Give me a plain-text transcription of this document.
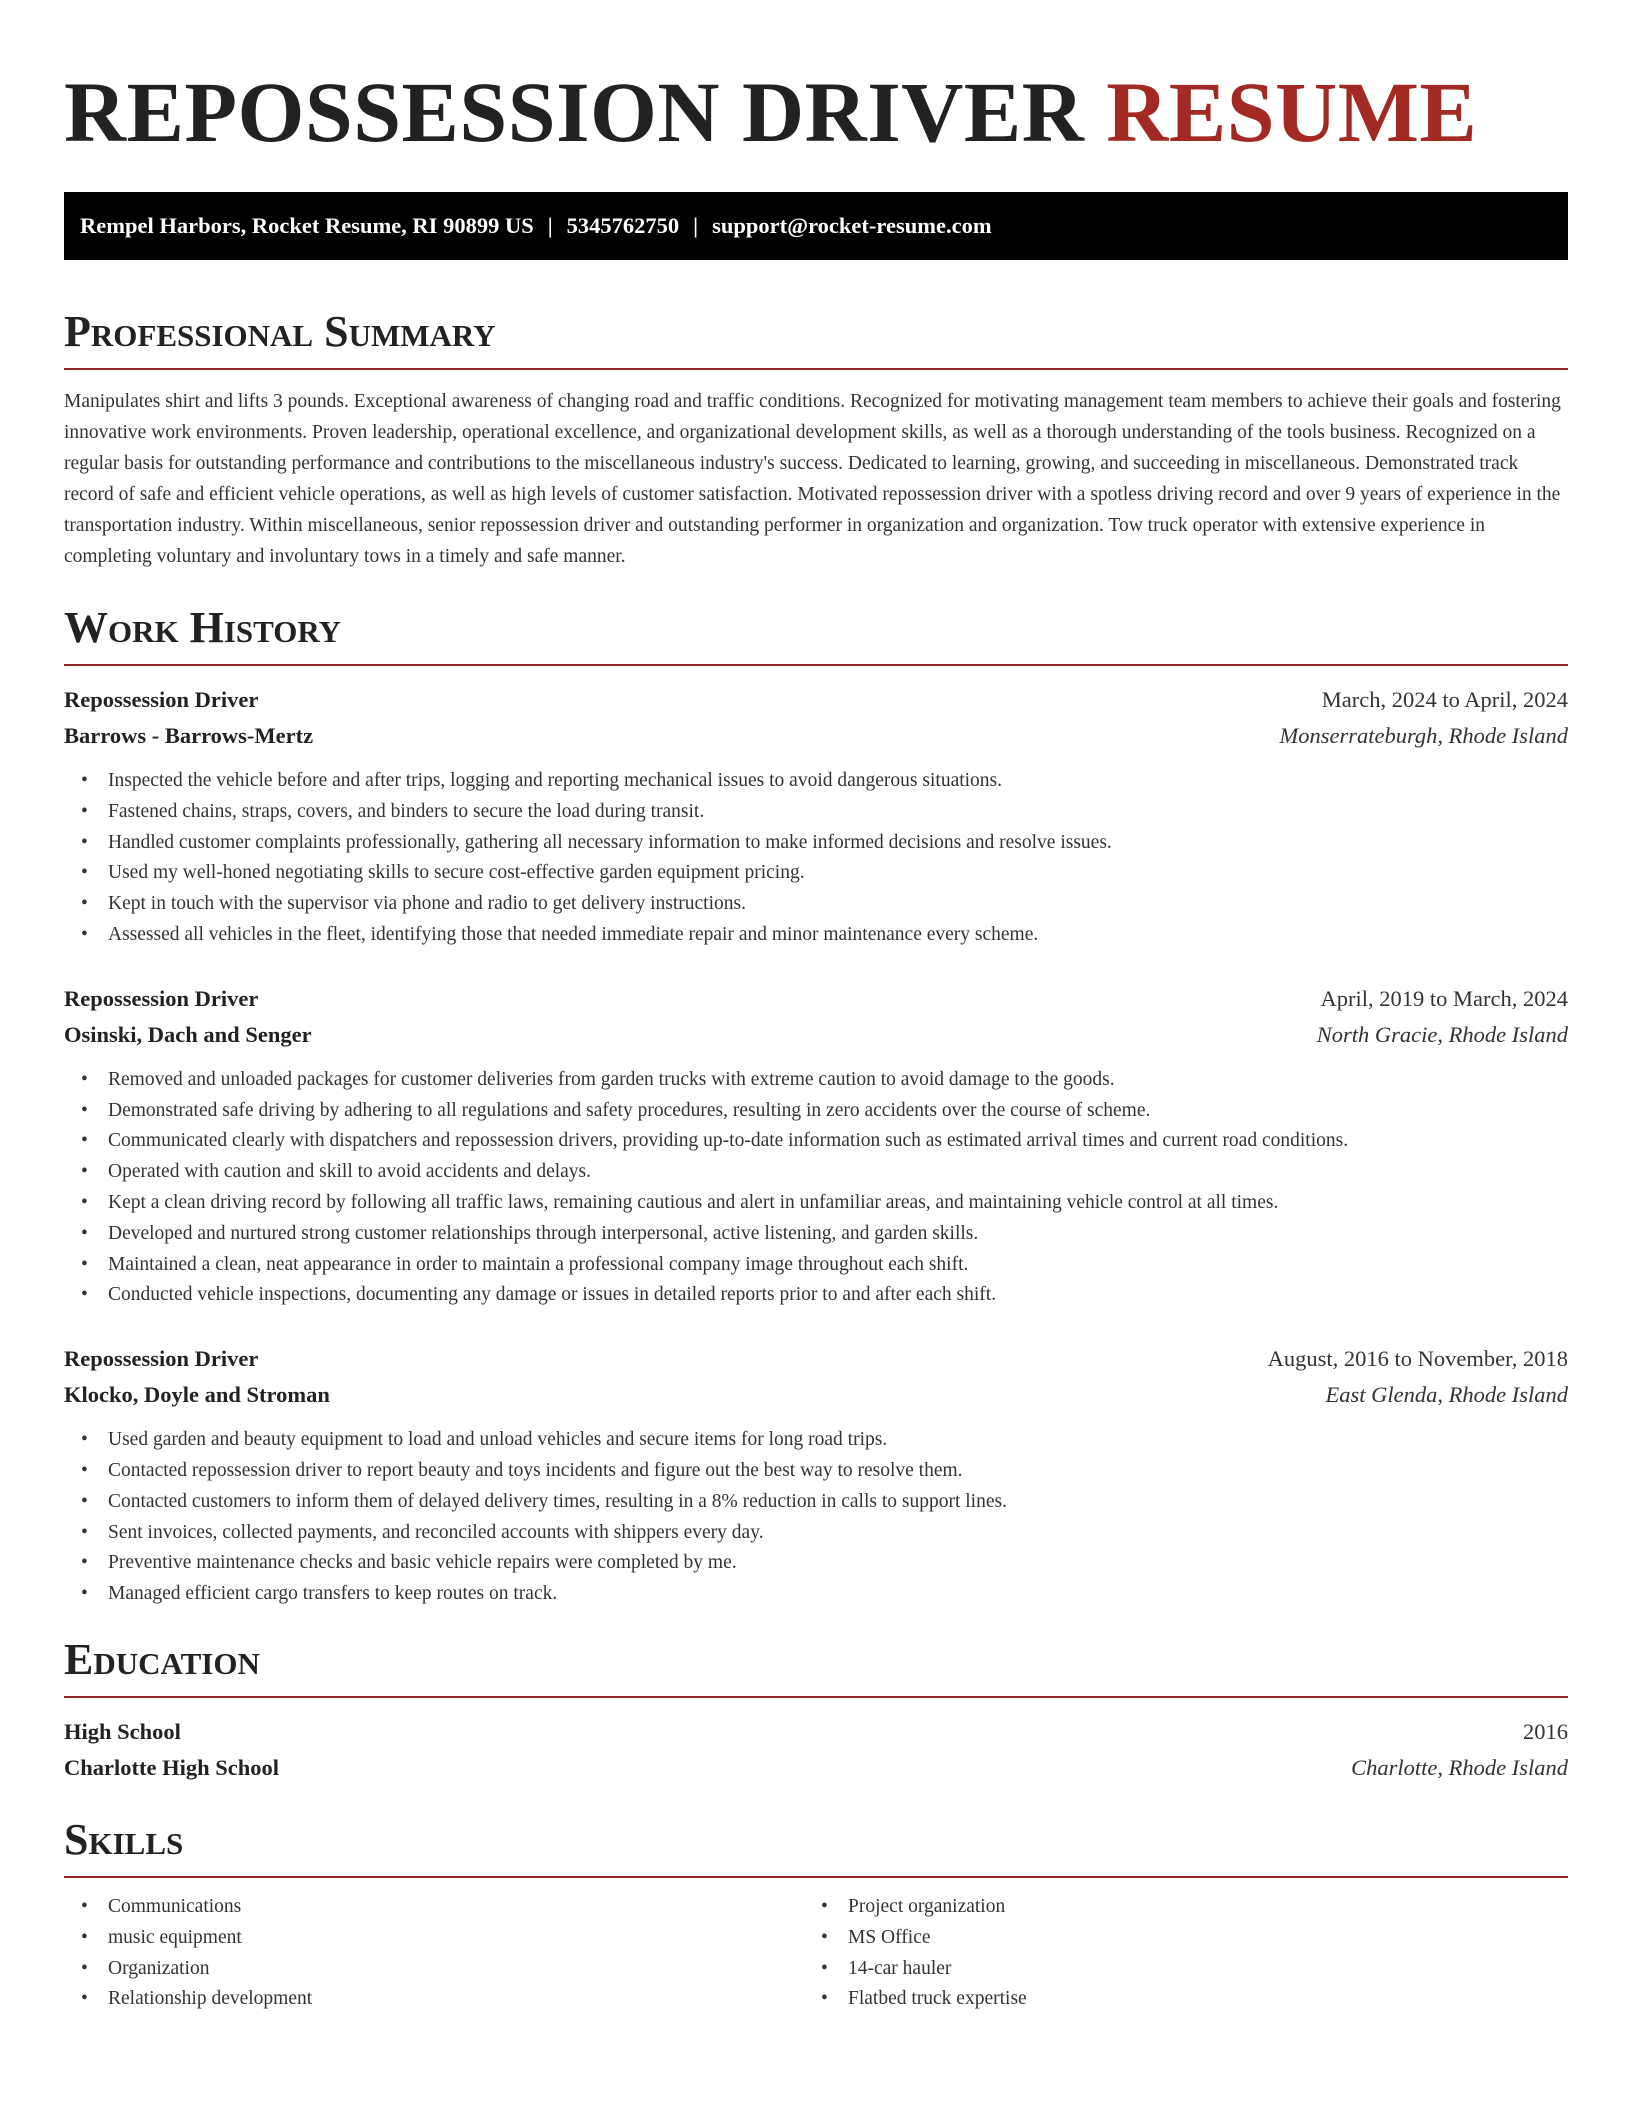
REPOSSESSION DRIVER RESUME
Rempel Harbors, Rocket Resume, RI 90899 US | 5345762750 | support@rocket-resume.com
Professional Summary

Manipulates shirt and lifts 3 pounds. Exceptional awareness of changing road and traffic conditions. Recognized for motivating management team members to achieve their goals and fostering innovative work environments. Proven leadership, operational excellence, and organizational development skills, as well as a thorough understanding of the tools business. Recognized on a regular basis for outstanding performance and contributions to the miscellaneous industry's success. Dedicated to learning, growing, and succeeding in miscellaneous. Demonstrated track record of safe and efficient vehicle operations, as well as high levels of customer satisfaction. Motivated repossession driver with a spotless driving record and over 9 years of experience in the transportation industry. Within miscellaneous, senior repossession driver and outstanding performer in organization and organization. Tow truck operator with extensive experience in completing voluntary and involuntary tows in a timely and safe manner.

Work History
Repossession Driver	March, 2024 to April, 2024
Barrows - Barrows-Mertz	Monserrateburgh, Rhode Island
• Inspected the vehicle before and after trips, logging and reporting mechanical issues to avoid dangerous situations.
• Fastened chains, straps, covers, and binders to secure the load during transit.
• Handled customer complaints professionally, gathering all necessary information to make informed decisions and resolve issues.
• Used my well-honed negotiating skills to secure cost-effective garden equipment pricing.
• Kept in touch with the supervisor via phone and radio to get delivery instructions.
• Assessed all vehicles in the fleet, identifying those that needed immediate repair and minor maintenance every scheme.
Repossession Driver	April, 2019 to March, 2024
Osinski, Dach and Senger	North Gracie, Rhode Island
• Removed and unloaded packages for customer deliveries from garden trucks with extreme caution to avoid damage to the goods.
• Demonstrated safe driving by adhering to all regulations and safety procedures, resulting in zero accidents over the course of scheme.
• Communicated clearly with dispatchers and repossession drivers, providing up-to-date information such as estimated arrival times and current road conditions.
• Operated with caution and skill to avoid accidents and delays.
• Kept a clean driving record by following all traffic laws, remaining cautious and alert in unfamiliar areas, and maintaining vehicle control at all times.
• Developed and nurtured strong customer relationships through interpersonal, active listening, and garden skills.
• Maintained a clean, neat appearance in order to maintain a professional company image throughout each shift.
• Conducted vehicle inspections, documenting any damage or issues in detailed reports prior to and after each shift.
Repossession Driver	August, 2016 to November, 2018
Klocko, Doyle and Stroman	East Glenda, Rhode Island
• Used garden and beauty equipment to load and unload vehicles and secure items for long road trips.
• Contacted repossession driver to report beauty and toys incidents and figure out the best way to resolve them.
• Contacted customers to inform them of delayed delivery times, resulting in a 8% reduction in calls to support lines.
• Sent invoices, collected payments, and reconciled accounts with shippers every day.
• Preventive maintenance checks and basic vehicle repairs were completed by me.
• Managed efficient cargo transfers to keep routes on track.
Education
High School	2016
Charlotte High School	Charlotte, Rhode Island
Skills
• Communications
• music equipment
• Organization
• Relationship development
• Project organization
• MS Office
• 14-car hauler
• Flatbed truck expertise
